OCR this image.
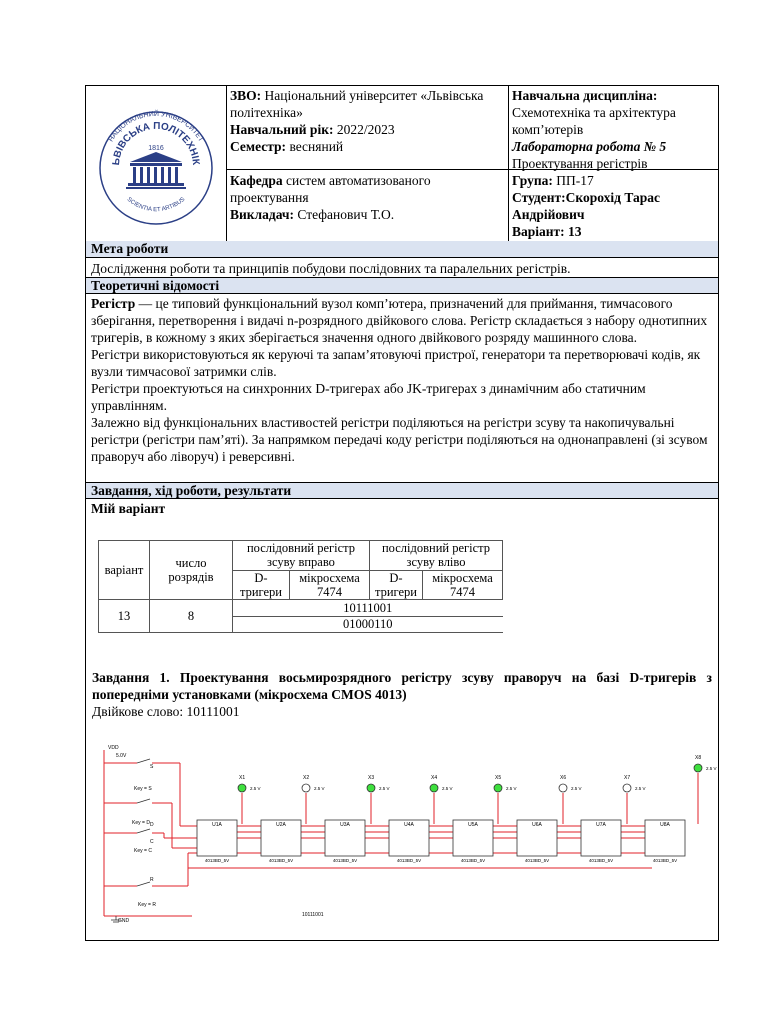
НАЦІОНАЛЬНИЙ УНІВЕРСИТЕТ
ЬВІВСЬКА ПОЛІТЕХНІК
1816
SCIENTIA ET ARTIBUS
ЗВО: Національний університет «Львівська політехніка»
Навчальний рік: 2022/2023
Семестр: весняний
Кафедра систем автоматизованого проектування
Викладач: Стефанович Т.О.
Навчальна дисципліна:
Схемотехніка та архітектура комп’ютерів
Лабораторна робота № 5
Проектування регістрів
Група: ПП-17
Студент:Скорохід Тарас Андрійович
Варіант: 13
Мета роботи
Дослідження роботи та принципів побудови послідовних та паралельних регістрів.
Теоретичні відомості

Регістр — це типовий функціональний вузол комп’ютера, призначений для приймання, тимчасового зберігання, перетворення і видачі n-розрядного двійкового слова. Регістр складається з набору однотипних тригерів, в кожному з яких зберігається значення одного двійкового розряду машинного слова.

Регістри використовуються як керуючі та запам’ятовуючі пристрої, генератори та перетворювачі кодів, як вузли тимчасової затримки слів.

Регістри проектуються на синхронних D-тригерах або JK-тригерах з динамічним або статичним управлінням.

Залежно від функціональних властивостей регістри поділяються на регістри зсуву та накопичувальні регістри (регістри пам’яті). За напрямком передачі коду регістри поділяються на однонаправлені (зі зсувом праворуч або ліворуч) і реверсивні.

Завдання, хід роботи, результати
Мій варіант
варіант	число розрядів	послідовний регістр зсуву вправо		послідовний регістр зсуву вліво	
		D-тригери	мікросхема 7474	D-тригери	мікросхема 7474
13	8	10111001			
		01000110			
Завдання 1. Проектування восьмирозрядного регістру зсуву праворуч на базі D-тригерів з попередніми установками (мікросхема CMOS 4013)
Двійкове слово: 10111001
U1A
4013BD_5V
U2A
4013BD_5V
U3A
4013BD_5V
U4A
4013BD_5V
U5A
4013BD_5V
U6A
4013BD_5V
U7A
4013BD_5V
U8A
4013BD_5V
X1
2.5 V
X2
2.5 V
X3
2.5 V
X4
2.5 V
X5
2.5 V
X6
2.5 V
X7
2.5 V
X8
2.5 V
VDD
5.0V
S
Key = S
D
Key = D
Key = C
C
R
Key = R
GND
10111001
